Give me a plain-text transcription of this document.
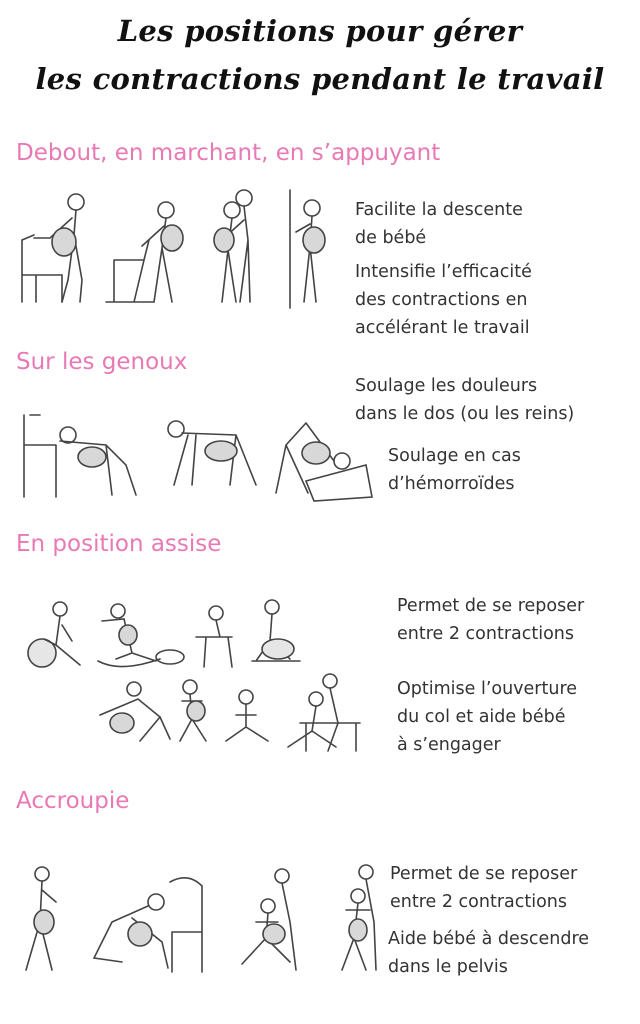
Les positions pour gérer
les contractions pendant le travail
Debout, en marchant, en s’appuyant
Facilite la descente
de bébé
Intensifie l’efficacité
des contractions en
accélérant le travail
Sur les genoux
Soulage les douleurs
dans le dos (ou les reins)
Soulage en cas
d’hémorroïdes
En position assise
Permet de se reposer
entre 2 contractions
Optimise l’ouverture
du col et aide bébé
à s’engager
Accroupie
Permet de se reposer
entre 2 contractions
Aide bébé à descendre
dans le pelvis
